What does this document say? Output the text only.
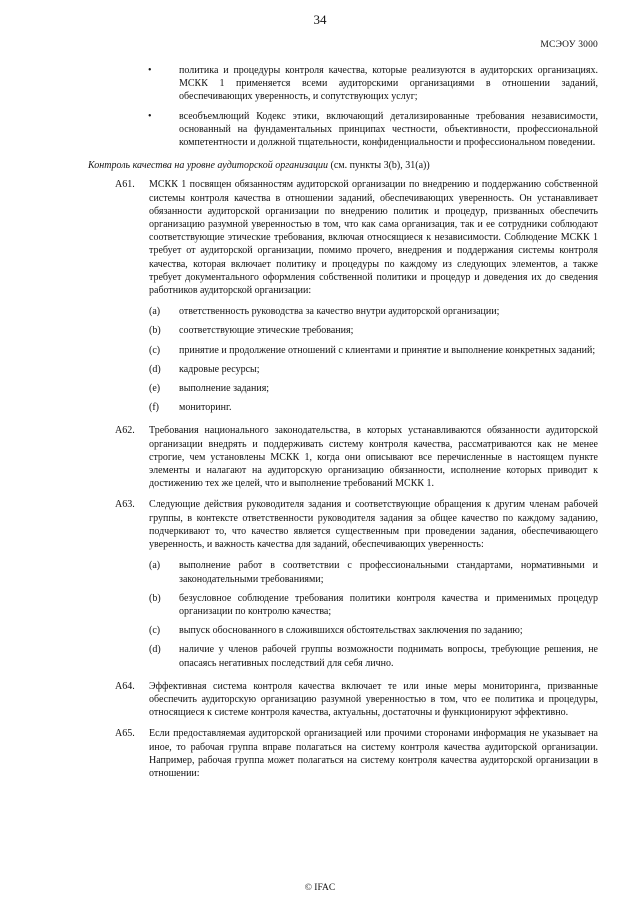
34
МСЭОУ 3000
•	политика и процедуры контроля качества, которые реализуются в аудиторских организациях. МСКК 1 применяется всеми аудиторскими организациями в отношении заданий, обеспечивающих уверенность, и сопутствующих услуг;
•	всеобъемлющий Кодекс этики, включающий детализированные требования независимости, основанный на фундаментальных принципах честности, объективности, профессиональной компетентности и должной тщательности, конфиденциальности и профессиональном поведении.
Контроль качества на уровне аудиторской организации (см. пункты 3(b), 31(a))
A61. МСКК 1 посвящен обязанностям аудиторской организации по внедрению и поддержанию собственной системы контроля качества в отношении заданий, обеспечивающих уверенность. Он устанавливает обязанности аудиторской организации по внедрению политик и процедур, призванных обеспечить организацию разумной уверенностью в том, что как сама организация, так и ее сотрудники соблюдают соответствующие этические требования, включая относящиеся к независимости. Соблюдение МСКК 1 требует от аудиторской организации, помимо прочего, внедрения и поддержания системы контроля качества, которая включает политику и процедуры по каждому из следующих элементов, а также требует документального оформления собственной политики и процедур и доведения их до сведения работников аудиторской организации:
(a) ответственность руководства за качество внутри аудиторской организации;
(b) соответствующие этические требования;
(c) принятие и продолжение отношений с клиентами и принятие и выполнение конкретных заданий;
(d) кадровые ресурсы;
(e) выполнение задания;
(f) мониторинг.
A62. Требования национального законодательства, в которых устанавливаются обязанности аудиторской организации внедрять и поддерживать систему контроля качества, рассматриваются как не менее строгие, чем установлены МСКК 1, когда они описывают все перечисленные в настоящем пункте элементы и налагают на аудиторскую организацию обязанности, исполнение которых приводит к достижению тех же целей, что и выполнение требований МСКК 1.
A63. Следующие действия руководителя задания и соответствующие обращения к другим членам рабочей группы, в контексте ответственности руководителя задания за общее качество по каждому заданию, подчеркивают то, что качество является существенным при проведении задания, обеспечивающего уверенность, и важность качества для заданий, обеспечивающих уверенность:
(a) выполнение работ в соответствии с профессиональными стандартами, нормативными и законодательными требованиями;
(b) безусловное соблюдение требования политики контроля качества и применимых процедур организации по контролю качества;
(c) выпуск обоснованного в сложившихся обстоятельствах заключения по заданию;
(d) наличие у членов рабочей группы возможности поднимать вопросы, требующие решения, не опасаясь негативных последствий для себя лично.
A64. Эффективная система контроля качества включает те или иные меры мониторинга, призванные обеспечить аудиторскую организацию разумной уверенностью в том, что ее политика и процедуры, относящиеся к системе контроля качества, актуальны, достаточны и функционируют эффективно.
A65. Если предоставляемая аудиторской организацией или прочими сторонами информация не указывает на иное, то рабочая группа вправе полагаться на систему контроля качества аудиторской организации. Например, рабочая группа может полагаться на систему контроля качества аудиторской организации в отношении:
© IFAC
